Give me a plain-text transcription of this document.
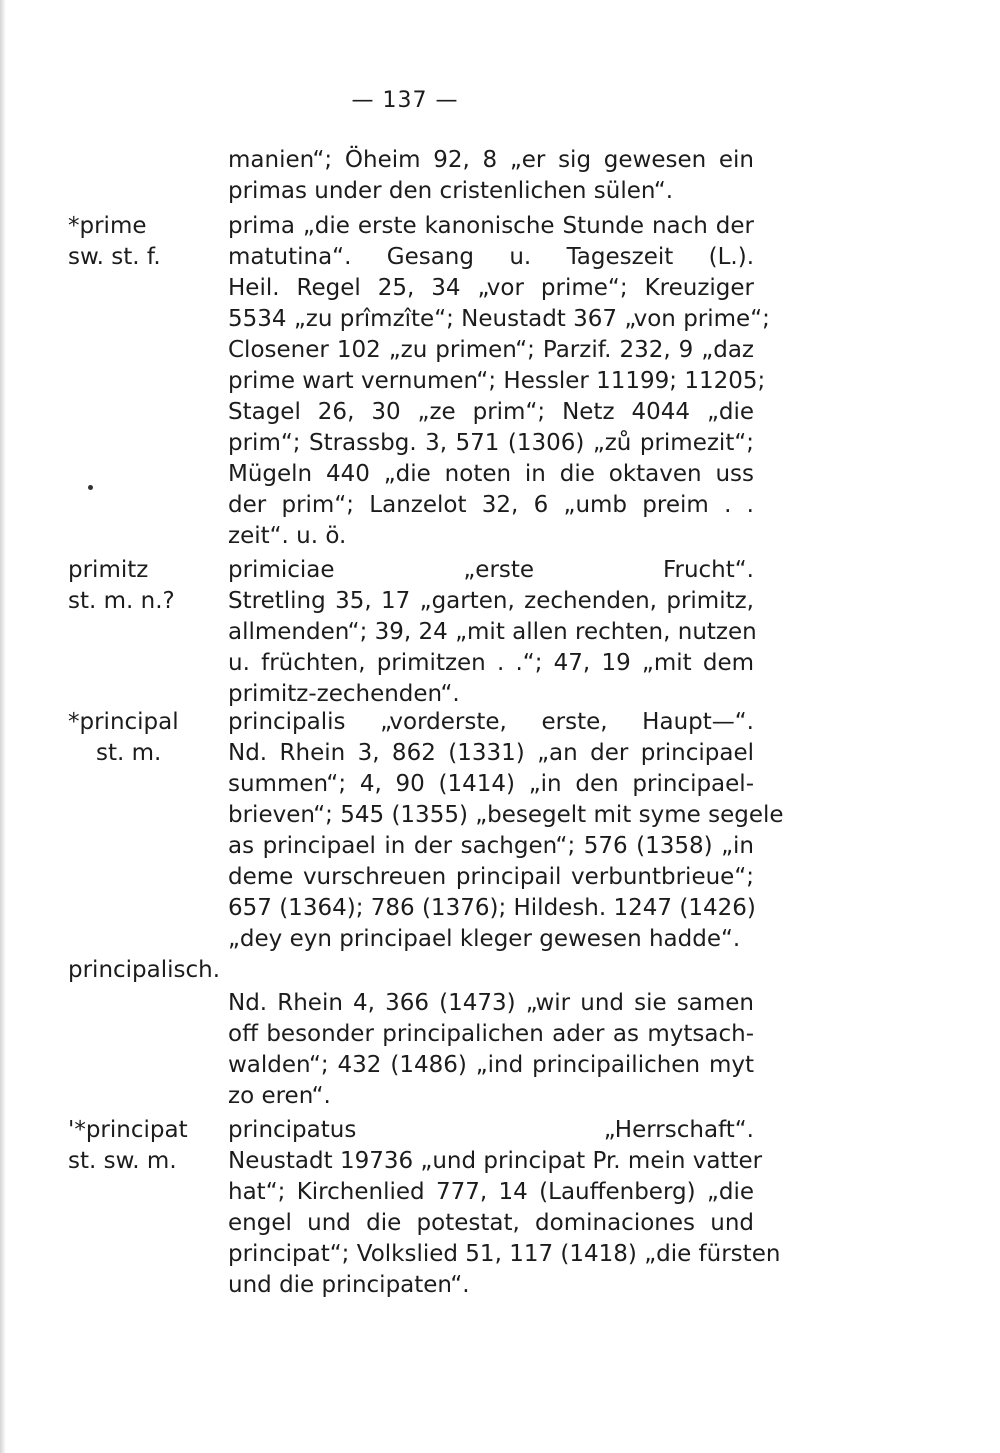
— 137 —
manien“; Öheim 92, 8 „er sig gewesen ein
primas under den cristenlichen sülen“.
prima „die erste kanonische Stunde nach der
matutina“. Gesang u. Tageszeit (L.).
Heil. Regel 25, 34 „vor prime“; Kreuziger
5534 „zu prîmzîte“; Neustadt 367 „von prime“;
Closener 102 „zu primen“; Parzif. 232, 9 „daz
prime wart vernumen“; Hessler 11199; 11205;
Stagel 26, 30 „ze prim“; Netz 4044 „die
prim“; Strassbg. 3, 571 (1306) „zů primezit“;
Mügeln 440 „die noten in die oktaven uss
der prim“; Lanzelot 32, 6 „umb preim . .
zeit“. u. ö.
*prime
sw. st. f.
primiciae „erste Frucht“.
Stretling 35, 17 „garten, zechenden, primitz,
allmenden“; 39, 24 „mit allen rechten, nutzen
u. früchten, primitzen . .“; 47, 19 „mit dem
primitz-zechenden“.
primitz
st. m. n.?
principalis „vorderste, erste, Haupt—“.
Nd. Rhein 3, 862 (1331) „an der principael
summen“; 4, 90 (1414) „in den principael-
brieven“; 545 (1355) „besegelt mit syme segele
as principael in der sachgen“; 576 (1358) „in
deme vurschreuen principail verbuntbrieue“;
657 (1364); 786 (1376); Hildesh. 1247 (1426)
„dey eyn principael kleger gewesen hadde“.
*principal
st. m.
Nd. Rhein 4, 366 (1473) „wir und sie samen
off besonder principalichen ader as mytsach-
walden“; 432 (1486) „ind principailichen myt
zo eren“.
principalisch.
principatus „Herrschaft“.
Neustadt 19736 „und principat Pr. mein vatter
hat“; Kirchenlied 777, 14 (Lauffenberg) „die
engel und die potestat, dominaciones und
principat“; Volkslied 51, 117 (1418) „die fürsten
und die principaten“.
'*principat
st. sw. m.
